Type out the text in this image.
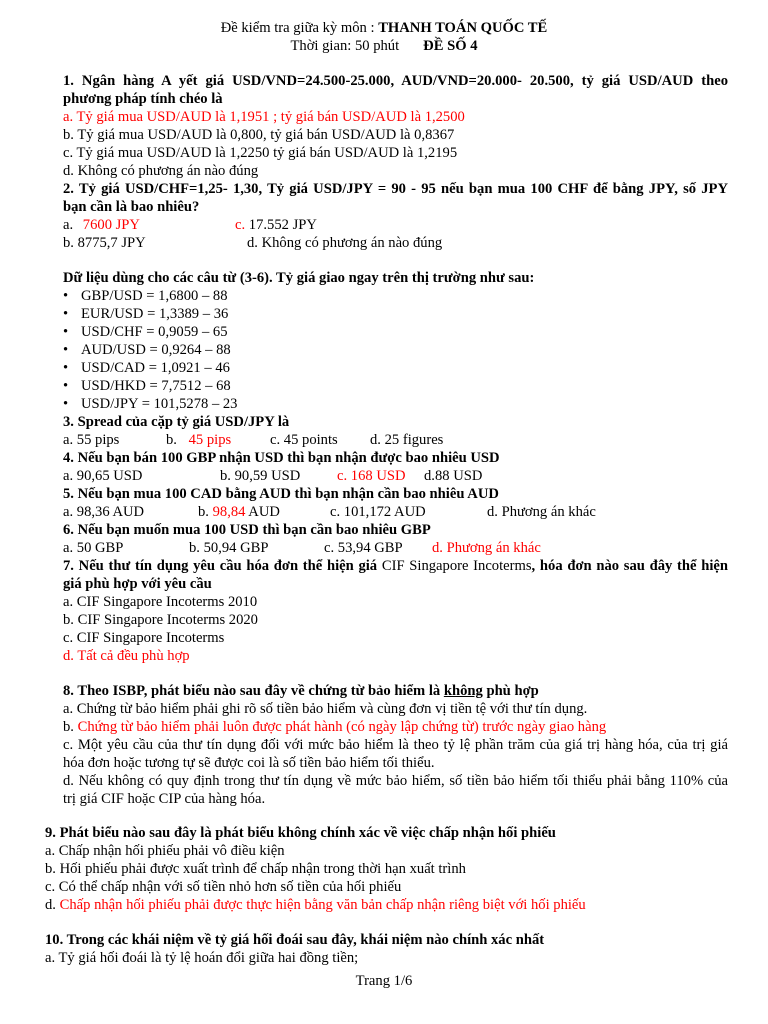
Đề kiểm tra giữa kỳ môn : THANH TOÁN QUỐC TẾ
Thời gian: 50 phút ĐỀ SỐ 4
1. Ngân hàng A yết giá USD/VND=24.500-25.000, AUD/VND=20.000- 20.500, tỷ giá USD/AUD theo
phương pháp tính chéo là
a. Tỷ giá mua USD/AUD là 1,1951 ; tỷ giá bán USD/AUD là 1,2500
b. Tỷ giá mua USD/AUD là 0,800, tỷ giá bán USD/AUD là 0,8367
c. Tỷ giá mua USD/AUD là 1,2250 tỷ giá bán USD/AUD là 1,2195
d. Không có phương án nào đúng
2. Tỷ giá USD/CHF=1,25- 1,30, Tỷ giá USD/JPY = 90 - 95 nếu bạn mua 100 CHF để bằng JPY, số JPY
bạn cần là bao nhiêu?
a. 7600 JPY	c. 17.552 JPY
b. 8775,7 JPY	d. Không có phương án nào đúng
Dữ liệu dùng cho các câu từ (3-6). Tỷ giá giao ngay trên thị trường như sau:
• GBP/USD = 1,6800 – 88
• EUR/USD = 1,3389 – 36
• USD/CHF = 0,9059 – 65
• AUD/USD = 0,9264 – 88
• USD/CAD = 1,0921 – 46
• USD/HKD = 7,7512 – 68
• USD/JPY = 101,5278 – 23
3. Spread của cặp tỷ giá USD/JPY là
a. 55 pips	b. 45 pips	c. 45 points d. 25 figures
4. Nếu bạn bán 100 GBP nhận USD thì bạn nhận được bao nhiêu USD
a. 90,65 USD	b. 90,59 USD	c. 168 USD d.88 USD
5. Nếu bạn mua 100 CAD bằng AUD thì bạn nhận cần bao nhiêu AUD
a. 98,36 AUD	b. 98,84 AUD	c. 101,172 AUD	d. Phương án khác
6. Nếu bạn muốn mua 100 USD thì bạn cần bao nhiêu GBP
a. 50 GBP	b. 50,94 GBP	c. 53,94 GBP d. Phương án khác
7. Nếu thư tín dụng yêu cầu hóa đơn thể hiện giá CIF Singapore Incoterms, hóa đơn nào sau đây thể hiện
giá phù hợp với yêu cầu
a. CIF Singapore Incoterms 2010
b. CIF Singapore Incoterms 2020
c. CIF Singapore Incoterms
d. Tất cả đều phù hợp
8. Theo ISBP, phát biểu nào sau đây về chứng từ bảo hiểm là không phù hợp
a. Chứng từ bảo hiểm phải ghi rõ số tiền bảo hiểm và cùng đơn vị tiền tệ với thư tín dụng.
b. Chứng từ bảo hiểm phải luôn được phát hành (có ngày lập chứng từ) trước ngày giao hàng
c. Một yêu cầu của thư tín dụng đối với mức bảo hiểm là theo tỷ lệ phần trăm của giá trị hàng hóa, của trị giá
hóa đơn hoặc tương tự sẽ được coi là số tiền bảo hiểm tối thiểu.
d. Nếu không có quy định trong thư tín dụng về mức bảo hiểm, số tiền bảo hiểm tối thiểu phải bằng 110% của
trị giá CIF hoặc CIP của hàng hóa.
9. Phát biểu nào sau đây là phát biểu không chính xác về việc chấp nhận hối phiếu
a. Chấp nhận hối phiếu phải vô điều kiện
b. Hối phiếu phải được xuất trình để chấp nhận trong thời hạn xuất trình
c. Có thể chấp nhận với số tiền nhỏ hơn số tiền của hối phiếu
d. Chấp nhận hối phiếu phải được thực hiện bằng văn bản chấp nhận riêng biệt với hối phiếu
10. Trong các khái niệm về tỷ giá hối đoái sau đây, khái niệm nào chính xác nhất
a. Tỷ giá hối đoái là tỷ lệ hoán đổi giữa hai đồng tiền;
Trang 1/6
